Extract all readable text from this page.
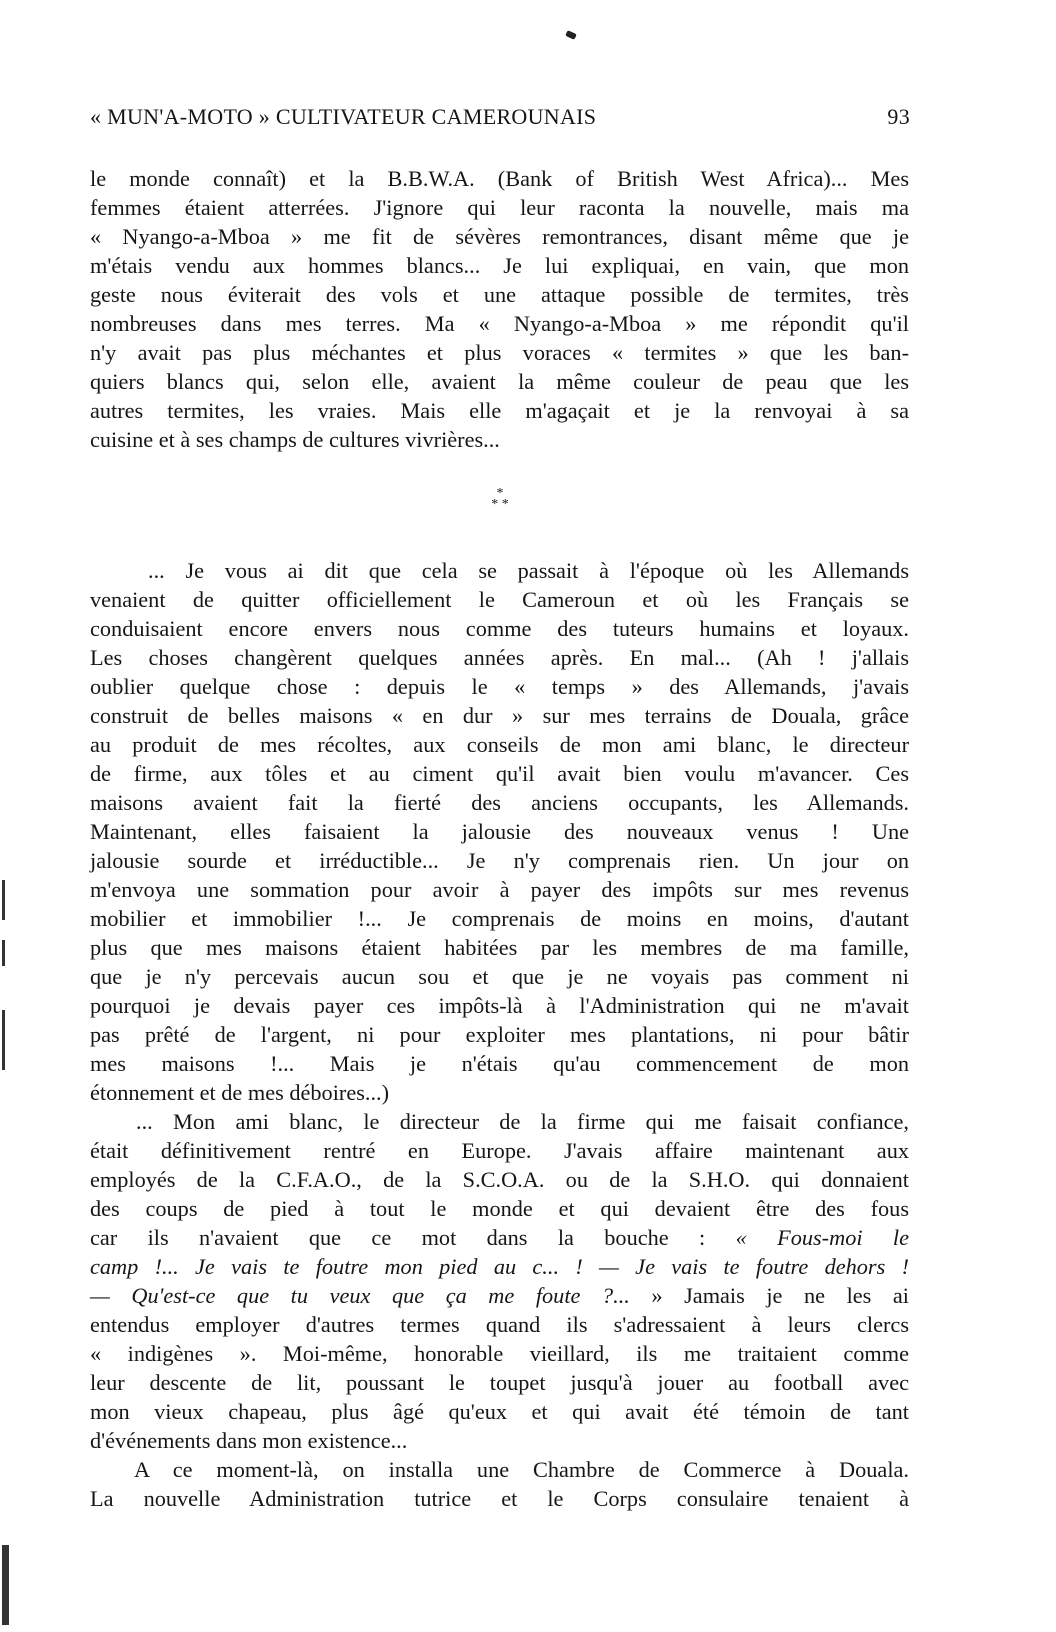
« MUN'A-MOTO » CULTIVATEUR CAMEROUNAIS	93
*
* *
le monde connaît) et la B.B.W.A. (Bank of British West Africa)... Mes
femmes étaient atterrées. J'ignore qui leur raconta la nouvelle, mais ma
« Nyango-a-Mboa » me fit de sévères remontrances, disant même que je
m'étais vendu aux hommes blancs... Je lui expliquai, en vain, que mon
geste nous éviterait des vols et une attaque possible de termites, très
nombreuses dans mes terres. Ma « Nyango-a-Mboa » me répondit qu'il
n'y avait pas plus méchantes et plus voraces « termites » que les ban-
quiers blancs qui, selon elle, avaient la même couleur de peau que les
autres termites, les vraies. Mais elle m'agaçait et je la renvoyai à sa
cuisine et à ses champs de cultures vivrières...
... Je vous ai dit que cela se passait à l'époque où les Allemands
venaient de quitter officiellement le Cameroun et où les Français se
conduisaient encore envers nous comme des tuteurs humains et loyaux.
Les choses changèrent quelques années après. En mal... (Ah ! j'allais
oublier quelque chose : depuis le « temps » des Allemands, j'avais
construit de belles maisons « en dur » sur mes terrains de Douala, grâce
au produit de mes récoltes, aux conseils de mon ami blanc, le directeur
de firme, aux tôles et au ciment qu'il avait bien voulu m'avancer. Ces
maisons avaient fait la fierté des anciens occupants, les Allemands.
Maintenant, elles faisaient la jalousie des nouveaux venus ! Une
jalousie sourde et irréductible... Je n'y comprenais rien. Un jour on
m'envoya une sommation pour avoir à payer des impôts sur mes revenus
mobilier et immobilier !... Je comprenais de moins en moins, d'autant
plus que mes maisons étaient habitées par les membres de ma famille,
que je n'y percevais aucun sou et que je ne voyais pas comment ni
pourquoi je devais payer ces impôts-là à l'Administration qui ne m'avait
pas prêté de l'argent, ni pour exploiter mes plantations, ni pour bâtir
mes maisons !... Mais je n'étais qu'au commencement de mon
étonnement et de mes déboires...)
... Mon ami blanc, le directeur de la firme qui me faisait confiance,
était définitivement rentré en Europe. J'avais affaire maintenant aux
employés de la C.F.A.O., de la S.C.O.A. ou de la S.H.O. qui donnaient
des coups de pied à tout le monde et qui devaient être des fous
car ils n'avaient que ce mot dans la bouche : « Fous-moi le
camp !... Je vais te foutre mon pied au c... ! — Je vais te foutre dehors !
— Qu'est-ce que tu veux que ça me foute ?... » Jamais je ne les ai
entendus employer d'autres termes quand ils s'adressaient à leurs clercs
« indigènes ». Moi-même, honorable vieillard, ils me traitaient comme
leur descente de lit, poussant le toupet jusqu'à jouer au football avec
mon vieux chapeau, plus âgé qu'eux et qui avait été témoin de tant
d'événements dans mon existence...
A ce moment-là, on installa une Chambre de Commerce à Douala.
La nouvelle Administration tutrice et le Corps consulaire tenaient à
